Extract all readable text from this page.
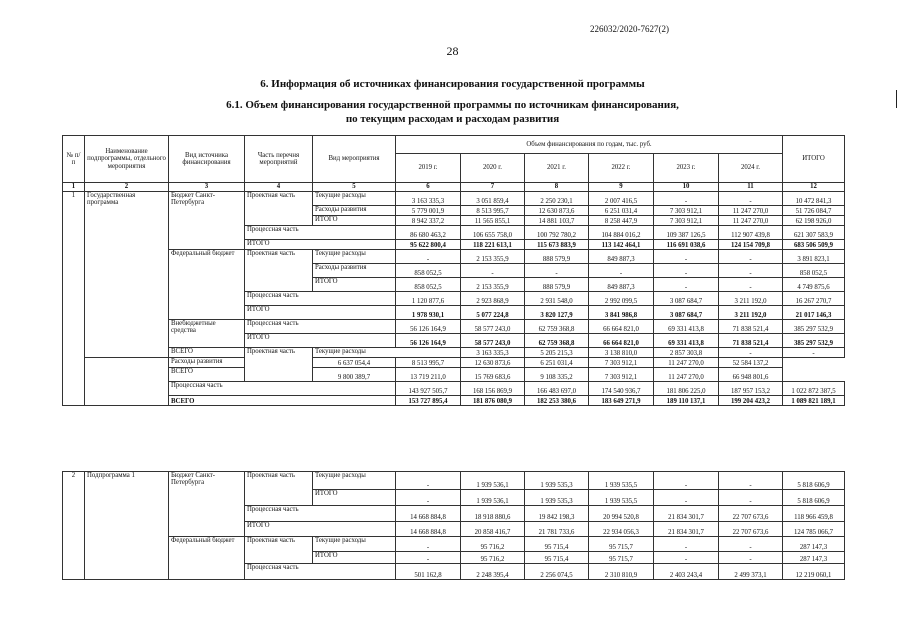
226032/2020-7627(2)
28
6. Информация об источниках финансирования государственной программы
6.1. Объем финансирования государственной программы по источникам финансирования,
по текущим расходам и расходам развития
№ п/п	Наименование подпрограммы, отдельного мероприятия	Вид источника финансирования	Часть перечня мероприятий	Вид мероприятия	Объем финансирования по годам, тыс. руб.						ИТОГО	
					2019 г.	2020 г.	2021 г.	2022 г.	2023 г.	2024 г.		
1	2	3	4	5	6	7	8	9	10	11	12	
1	Государственная программа	Бюджет Санкт-Петербурга	Проектная часть	Текущие расходы	3 163 335,3	3 051 859,4	2 250 230,1	2 007 416,5	-	-	10 472 841,3	
				Расходы развития	5 779 001,9	8 513 995,7	12 630 873,6	6 251 031,4	7 303 912,1	11 247 270,0	51 726 084,7	
				ИТОГО	8 942 337,2	11 565 855,1	14 881 103,7	8 258 447,9	7 303 912,1	11 247 270,0	62 198 926,0	
			Процессная часть		86 680 463,2	106 655 758,0	100 792 780,2	104 884 016,2	109 387 126,5	112 907 439,8	621 307 583,9	
			ИТОГО		95 622 800,4	118 221 613,1	115 673 883,9	113 142 464,1	116 691 038,6	124 154 709,8	683 506 509,9	
		Федеральный бюджет	Проектная часть	Текущие расходы	-	2 153 355,9	888 579,9	849 887,3	-	-	3 891 823,1	
				Расходы развития	858 052,5	-	-	-	-	-	858 052,5	
				ИТОГО	858 052,5	2 153 355,9	888 579,9	849 887,3	-	-	4 749 875,6	
			Процессная часть		1 120 877,6	2 923 868,9	2 931 548,0	2 992 099,5	3 087 684,7	3 211 192,0	16 267 270,7	
			ИТОГО		1 978 930,1	5 077 224,8	3 820 127,9	3 841 986,8	3 087 684,7	3 211 192,0	21 017 146,3	
		Внебюджетные средства	Процессная часть		56 126 164,9	58 577 243,0	62 759 368,8	66 664 821,0	69 331 413,8	71 838 521,4	385 297 532,9	
			ИТОГО		56 126 164,9	58 577 243,0	62 759 368,8	66 664 821,0	69 331 413,8	71 838 521,4	385 297 532,9	
		ВСЕГО	Проектная часть	Текущие расходы		3 163 335,3	5 205 215,3	3 138 810,0	2 857 303,8	-	-	
		Расходы развития		6 637 054,4	8 513 995,7	12 630 873,6	6 251 031,4	7 303 912,1	11 247 270,0	52 584 137,2		
		ВСЕГО		9 800 389,7	13 719 211,0	15 769 683,6	9 108 335,2	7 303 912,1	11 247 270,0	66 948 801,6		
		Процессная часть			143 927 505,7	168 156 869,9	166 483 697,0	174 540 936,7	181 806 225,0	187 957 153,2	1 022 872 387,5	
		ВСЕГО			153 727 895,4	181 876 080,9	182 253 380,6	183 649 271,9	189 110 137,1	199 204 423,2	1 089 821 189,1	
2	Подпрограмма 1	Бюджет Санкт-Петербурга	Проектная часть	Текущие расходы	-	1 939 536,1	1 939 535,3	1 939 535,5	-	-	5 818 606,9
				ИТОГО	-	1 939 536,1	1 939 535,3	1 939 535,5	-	-	5 818 606,9
			Процессная часть		14 668 884,8	18 918 880,6	19 842 198,3	20 994 520,8	21 834 301,7	22 707 673,6	118 966 459,8
			ИТОГО		14 668 884,8	20 858 416,7	21 781 733,6	22 934 056,3	21 834 301,7	22 707 673,6	124 785 066,7
		Федеральный бюджет	Проектная часть	Текущие расходы	-	95 716,2	95 715,4	95 715,7	-	-	287 147,3
				ИТОГО	-	95 716,2	95 715,4	95 715,7	-	-	287 147,3
			Процессная часть		501 162,8	2 248 395,4	2 256 074,5	2 310 810,9	2 403 243,4	2 499 373,1	12 219 060,1
